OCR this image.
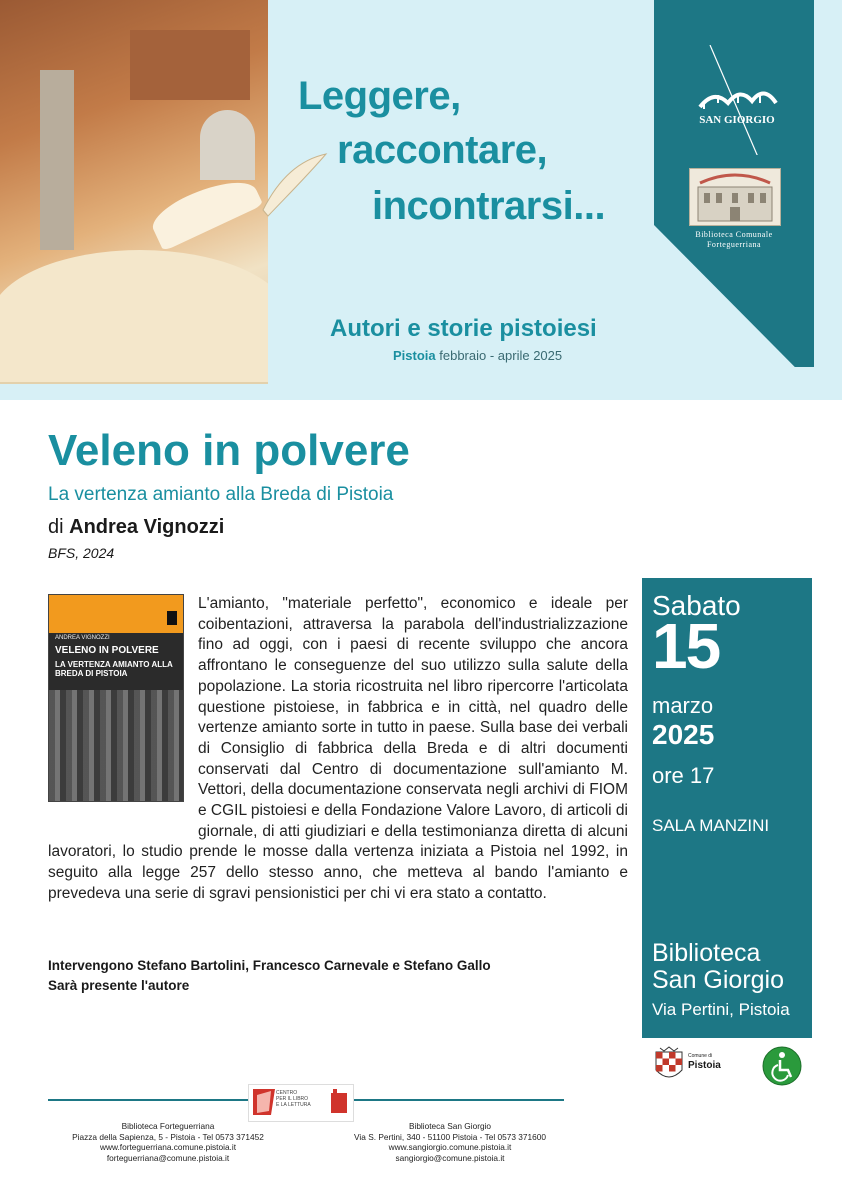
Leggere,
raccontare,
incontrarsi...
Autori e storie pistoiesi
Pistoia febbraio - aprile 2025
SAN GIORGIO
Biblioteca Comunale
Forteguerriana
Veleno in polvere
La vertenza amianto alla Breda di Pistoia
di Andrea Vignozzi
BFS, 2024
L'amianto, "materiale perfetto", economico e ideale per coibentazioni, attraversa la parabola dell'industrializzazione fino ad oggi, con i paesi di recente sviluppo che ancora affrontano le conseguenze del suo utilizzo sulla salute della popolazione. La storia ricostruita nel libro ripercorre l'articolata questione pistoiese, in fabbrica e in città, nel quadro delle vertenze amianto sorte in tutto in paese. Sulla base dei verbali di Consiglio di fabbrica della Breda e di altri documenti conservati dal Centro di documentazione sull'amianto M. Vettori, della documentazione conservata negli archivi di FIOM e CGIL pistoiesi e della Fondazione Valore Lavoro, di articoli di giornale, di atti giudiziari e della testimonianza diretta di alcuni lavoratori, lo studio prende le mosse dalla vertenza iniziata a Pistoia nel 1992, in seguito alla legge 257 dello stesso anno, che metteva al bando l'amianto e prevedeva una serie di sgravi pensionistici per chi vi era stato a contatto.
ANDREA VIGNOZZI
VELENO IN POLVERE
LA VERTENZA AMIANTO ALLA BREDA DI PISTOIA
Intervengono Stefano Bartolini, Francesco Carnevale e Stefano Gallo
Sarà presente l'autore
Sabato
15
marzo
2025
ore 17
SALA MANZINI
Biblioteca
San Giorgio
Via Pertini, Pistoia
Comune di
Pistoia
CENTRO
PER IL LIBRO
E LA LETTURA
Biblioteca Forteguerriana
Piazza della Sapienza, 5 - Pistoia - Tel 0573 371452
www.forteguerriana.comune.pistoia.it
forteguerriana@comune.pistoia.it
Biblioteca San Giorgio
Via S. Pertini, 340 - 51100 Pistoia - Tel 0573 371600
www.sangiorgio.comune.pistoia.it
sangiorgio@comune.pistoia.it
